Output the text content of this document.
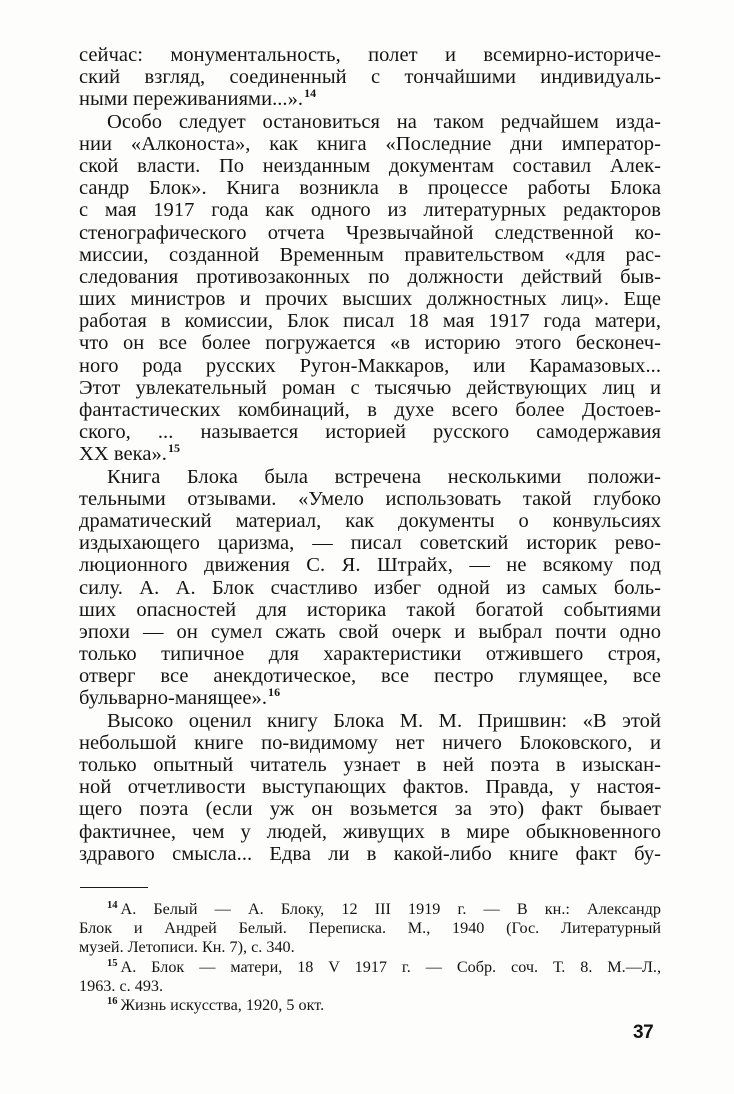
сейчас: монументальность, полет и всемирно-историче-
ский взгляд, соединенный с тончайшими индивидуаль-
ными переживаниями...».$^{14}$
Особо следует остановиться на таком редчайшем изда-
нии «Алконоста», как книга «Последние дни император-
ской власти. По неизданным документам составил Алек-
сандр Блок». Книга возникла в процессе работы Блока
с мая 1917 года как одного из литературных редакторов
стенографического отчета Чрезвычайной следственной ко-
миссии, созданной Временным правительством «для рас-
следования противозаконных по должности действий быв-
ших министров и прочих высших должностных лиц». Еще
работая в комиссии, Блок писал 18 мая 1917 года матери,
что он все более погружается «в историю этого бесконеч-
ного рода русских Ругон-Маккаров, или Карамазовых...
Этот увлекательный роман с тысячью действующих лиц и
фантастических комбинаций, в духе всего более Достоев-
ского, ... называется историей русского самодержавия
XX века».$^{15}$
Книга Блока была встречена несколькими положи-
тельными отзывами. «Умело использовать такой глубоко
драматический материал, как документы о конвульсиях
издыхающего царизма, — писал советский историк рево-
люционного движения С. Я. Штрайх, — не всякому под
силу. А. А. Блок счастливо избег одной из самых боль-
ших опасностей для историка такой богатой событиями
эпохи — он сумел сжать свой очерк и выбрал почти одно
только типичное для характеристики отжившего строя,
отверг все анекдотическое, все пестро глумящее, все
бульварно-манящее».$^{16}$
Высоко оценил книгу Блока М. М. Пришвин: «В этой
небольшой книге по-видимому нет ничего Блоковского, и
только опытный читатель узнает в ней поэта в изыскан-
ной отчетливости выступающих фактов. Правда, у настоя-
щего поэта (если уж он возьмется за это) факт бывает
фактичнее, чем у людей, живущих в мире обыкновенного
здравого смысла... Едва ли в какой-либо книге факт бу-
$^{14}$ А. Белый — А. Блоку, 12 III 1919 г. — В кн.: Александр
Блок и Андрей Белый. Переписка. М., 1940 (Гос. Литературный
музей. Летописи. Кн. 7), с. 340.
$^{15}$ А. Блок — матери, 18 V 1917 г. — Собр. соч. Т. 8. М.—Л.,
1963. с. 493.
$^{16}$ Жизнь искусства, 1920, 5 окт.
37
